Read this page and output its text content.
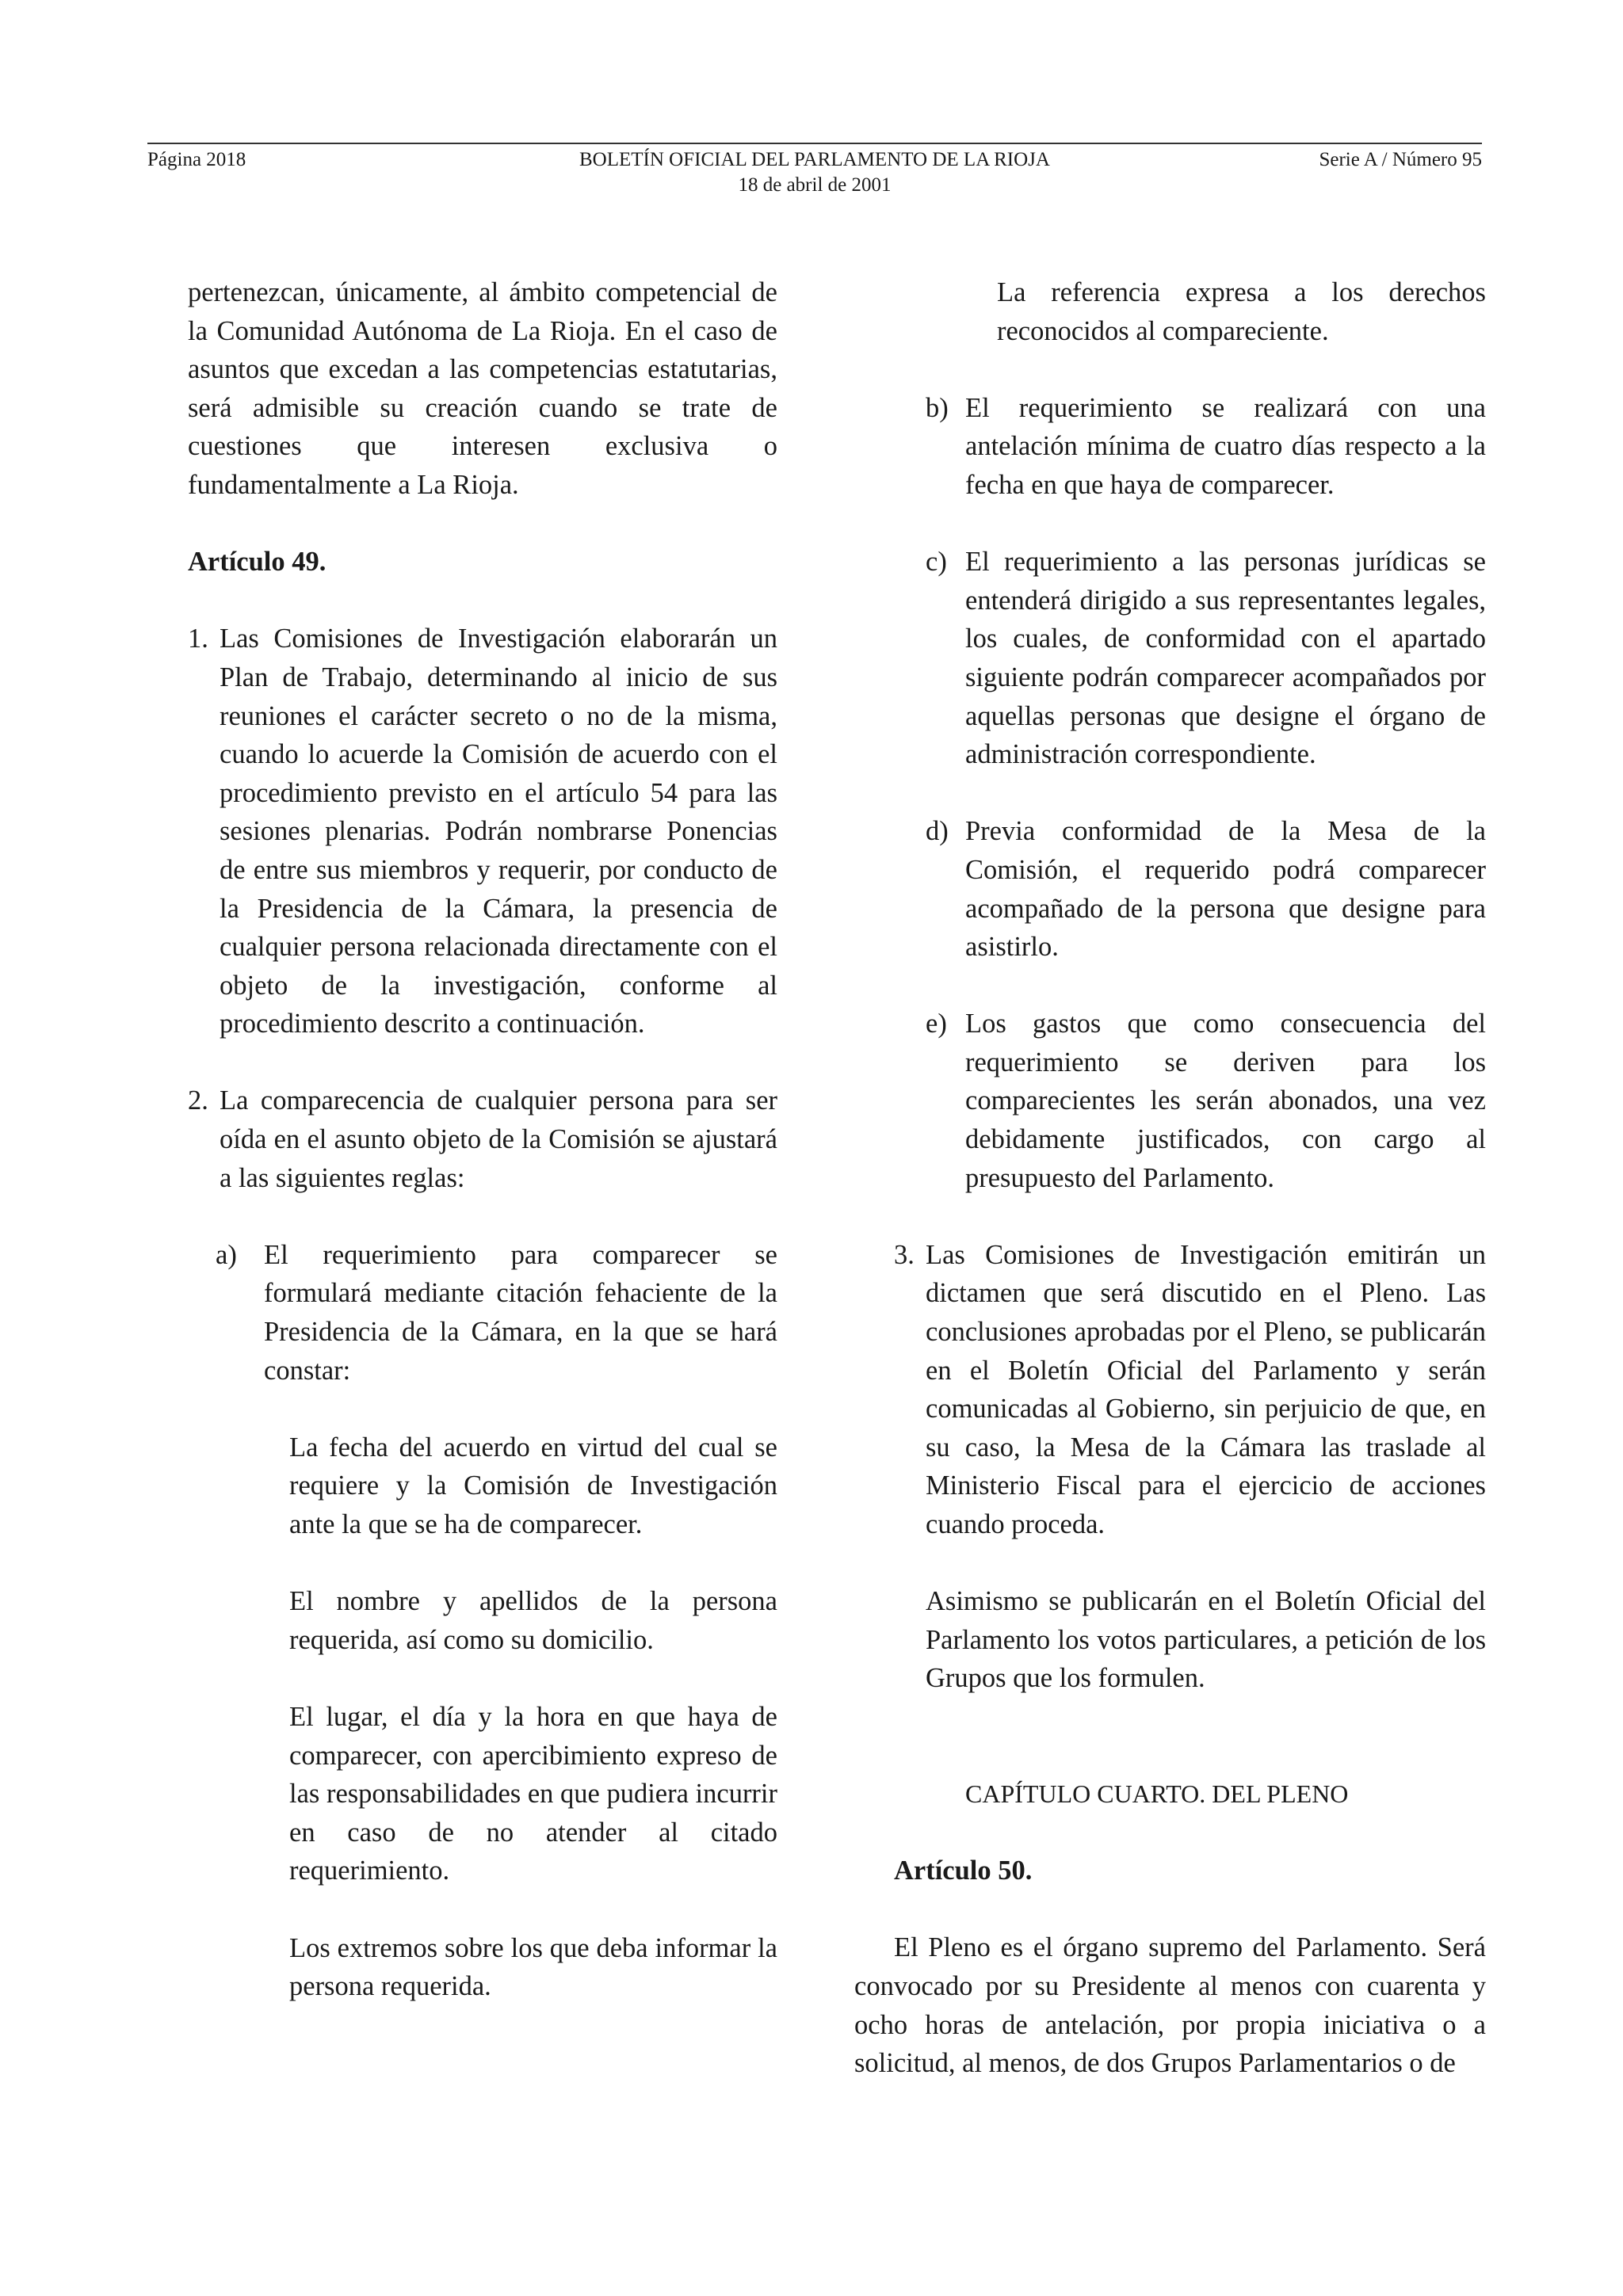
Página 2018	BOLETÍN OFICIAL DEL PARLAMENTO DE LA RIOJA
18 de abril de 2001
Serie A / Número 95

pertenezcan, únicamente, al ámbito competencial de la Comunidad Autónoma de La Rioja. En el caso de asuntos que excedan a las competencias estatutarias, será admisible su creación cuando se trate de cuestiones que interesen exclusiva o fundamentalmente a La Rioja.

Artículo 49.
1. Las Comisiones de Investigación elaborarán un Plan de Trabajo, determinando al inicio de sus reuniones el carácter secreto o no de la misma, cuando lo acuerde la Comisión de acuerdo con el procedimiento previsto en el artículo 54 para las sesiones plenarias. Podrán nombrarse Ponencias de entre sus miembros y requerir, por conducto de la Presidencia de la Cámara, la presencia de cualquier persona relacionada directamente con el objeto de la investigación, conforme al procedimiento descrito a continuación.
2. La comparecencia de cualquier persona para ser oída en el asunto objeto de la Comisión se ajustará a las siguientes reglas:
a) El requerimiento para comparecer se formulará mediante citación fehaciente de la Presidencia de la Cámara, en la que se hará constar:
La fecha del acuerdo en virtud del cual se requiere y la Comisión de Investigación ante la que se ha de comparecer.
El nombre y apellidos de la persona requerida, así como su domicilio.
El lugar, el día y la hora en que haya de comparecer, con apercibimiento expreso de las responsabilidades en que pudiera incurrir en caso de no atender al citado requerimiento.
Los extremos sobre los que deba informar la persona requerida.
La referencia expresa a los derechos reconocidos al compareciente.
b) El requerimiento se realizará con una antelación mínima de cuatro días respecto a la fecha en que haya de comparecer.
c) El requerimiento a las personas jurídicas se entenderá dirigido a sus representantes legales, los cuales, de conformidad con el apartado siguiente podrán comparecer acompañados por aquellas personas que designe el órgano de administración correspondiente.
d) Previa conformidad de la Mesa de la Comisión, el requerido podrá comparecer acompañado de la persona que designe para asistirlo.
e) Los gastos que como consecuencia del requerimiento se deriven para los comparecientes les serán abonados, una vez debidamente justificados, con cargo al presupuesto del Parlamento.
3. Las Comisiones de Investigación emitirán un dictamen que será discutido en el Pleno. Las conclusiones aprobadas por el Pleno, se publicarán en el Boletín Oficial del Parlamento y serán comunicadas al Gobierno, sin perjuicio de que, en su caso, la Mesa de la Cámara las traslade al Ministerio Fiscal para el ejercicio de acciones cuando proceda.
Asimismo se publicarán en el Boletín Oficial del Parlamento los votos particulares, a petición de los Grupos que los formulen.
CAPÍTULO CUARTO. DEL PLENO
Artículo 50.

El Pleno es el órgano supremo del Parlamento. Será convocado por su Presidente al menos con cuarenta y ocho horas de antelación, por propia iniciativa o a solicitud, al menos, de dos Grupos Parlamentarios o de
